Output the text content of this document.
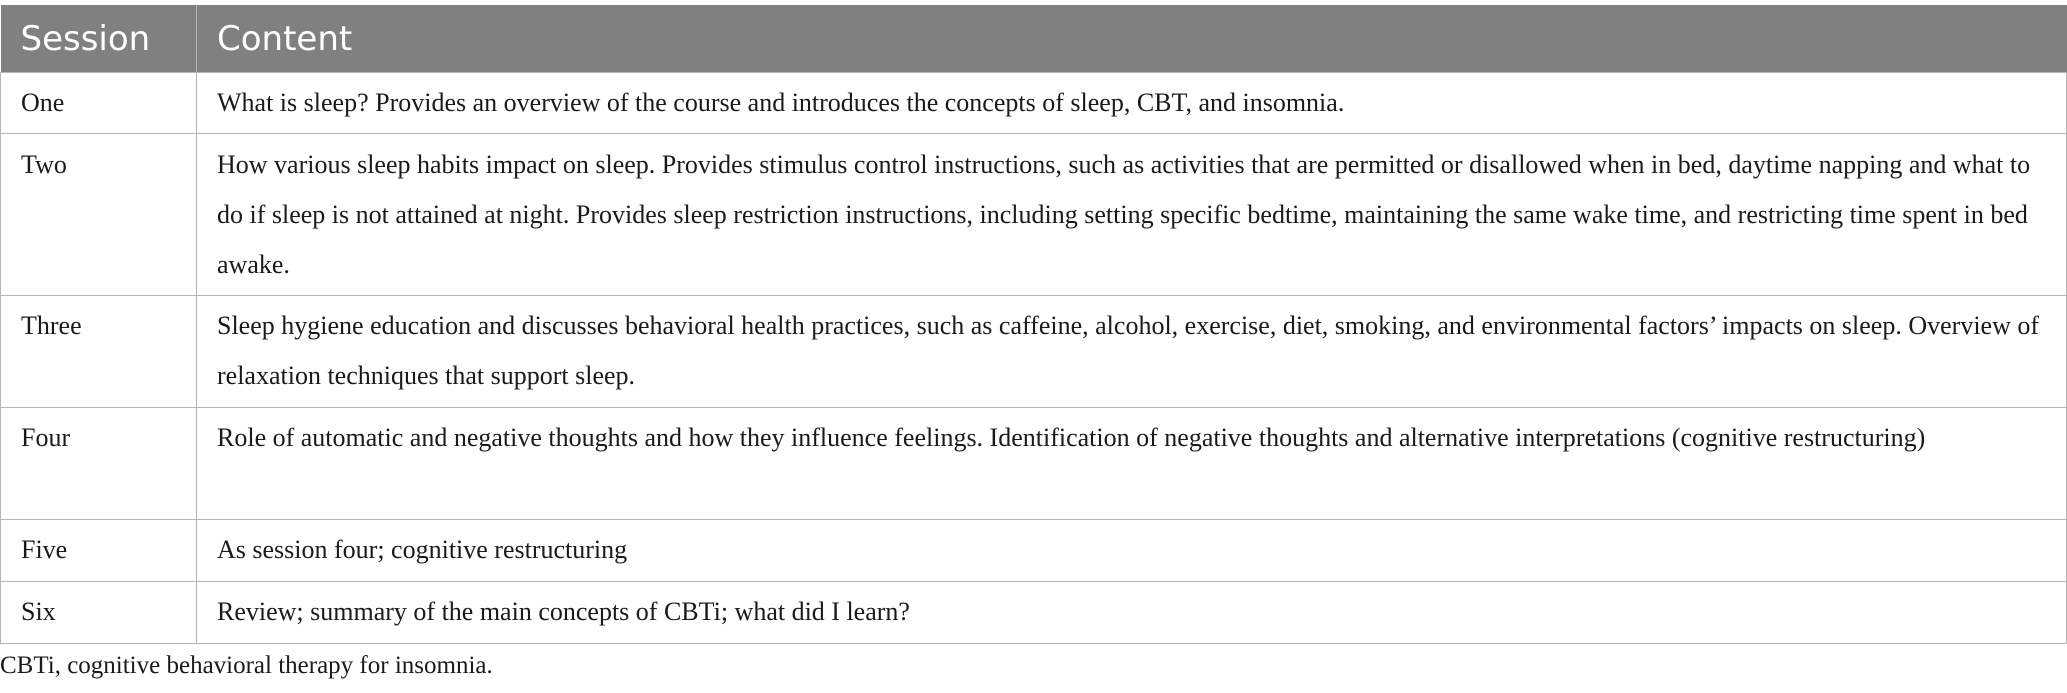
Session	Content
One	What is sleep? Provides an overview of the course and introduces the concepts of sleep, CBT, and insomnia.
Two	How various sleep habits impact on sleep. Provides stimulus control instructions, such as activities that are permitted or disallowed when in bed, daytime napping and what to do if sleep is not attained at night. Provides sleep restriction instructions, including setting specific bedtime, maintaining the same wake time, and restricting time spent in bed awake.
Three	Sleep hygiene education and discusses behavioral health practices, such as caffeine, alcohol, exercise, diet, smoking, and environmental factors’ impacts on sleep. Overview of relaxation techniques that support sleep.
Four	Role of automatic and negative thoughts and how they influence feelings. Identification of negative thoughts and alternative interpretations (cognitive restructuring)
Five	As session four; cognitive restructuring
Six	Review; summary of the main concepts of CBTi; what did I learn?
CBTi, cognitive behavioral therapy for insomnia.
